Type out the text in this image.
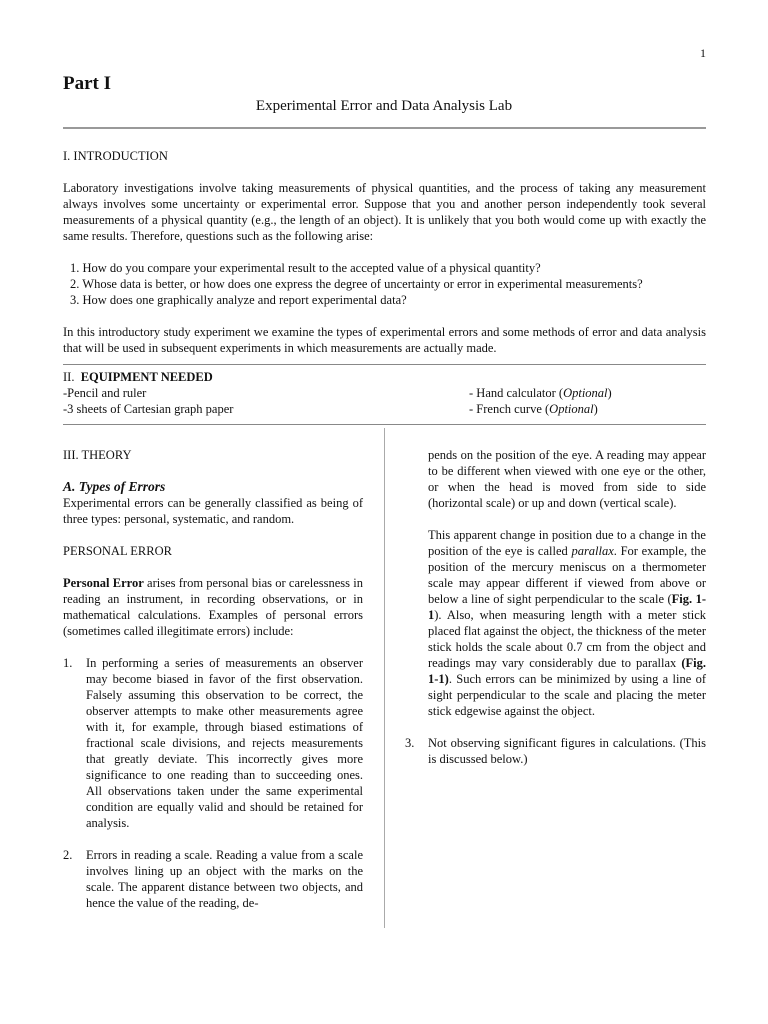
1
Part I
Experimental Error and Data Analysis Lab

I. INTRODUCTION

Laboratory investigations involve taking measurements of physical quantities, and the process of taking any measurement always involves some uncertainty or experimental error. Suppose that you and another person independently took several measurements of a physical quantity (e.g., the length of an object). It is unlikely that you both would come up with exactly the same results. Therefore, questions such as the following arise:

1. How do you compare your experimental result to the accepted value of a physical quantity?
2. Whose data is better, or how does one express the degree of uncertainty or error in experimental measurements?
3. How does one graphically analyze and report experimental data?

In this introductory study experiment we examine the types of experimental errors and some methods of error and data analysis that will be used in subsequent experiments in which measurements are actually made.

II. EQUIPMENT NEEDED
-Pencil and ruler	- Hand calculator (Optional)
-3 sheets of Cartesian graph paper	- French curve (Optional)

III. THEORY

A. Types of Errors

Experimental errors can be generally classified as being of three types: personal, systematic, and random.

PERSONAL ERROR

Personal Error arises from personal bias or carelessness in reading an instrument, in recording observations, or in mathematical calculations. Examples of personal errors (sometimes called illegitimate errors) include:

1.	In performing a series of measurements an observer may become biased in favor of the first observation. Falsely assuming this observation to be correct, the observer attempts to make other measurements agree with it, for example, through biased estimations of fractional scale divisions, and rejects measurements that greatly deviate. This incorrectly gives more significance to one reading than to succeeding ones. All observations taken under the same experimental condition are equally valid and should be retained for analysis.
2.	Errors in reading a scale. Reading a value from a scale involves lining up an object with the marks on the scale. The apparent distance between two objects, and hence the value of the reading, de-

pends on the position of the eye. A reading may appear to be different when viewed with one eye or the other, or when the head is moved from side to side (horizontal scale) or up and down (vertical scale).

This apparent change in position due to a change in the position of the eye is called parallax. For example, the position of the mercury meniscus on a thermometer scale may appear different if viewed from above or below a line of sight perpendicular to the scale (Fig. 1-1). Also, when measuring length with a meter stick placed flat against the object, the thickness of the meter stick holds the scale about 0.7 cm from the object and readings may vary considerably due to parallax (Fig. 1-1). Such errors can be minimized by using a line of sight perpendicular to the scale and placing the meter stick edgewise against the object.

3.	Not observing significant figures in calculations. (This is discussed below.)
